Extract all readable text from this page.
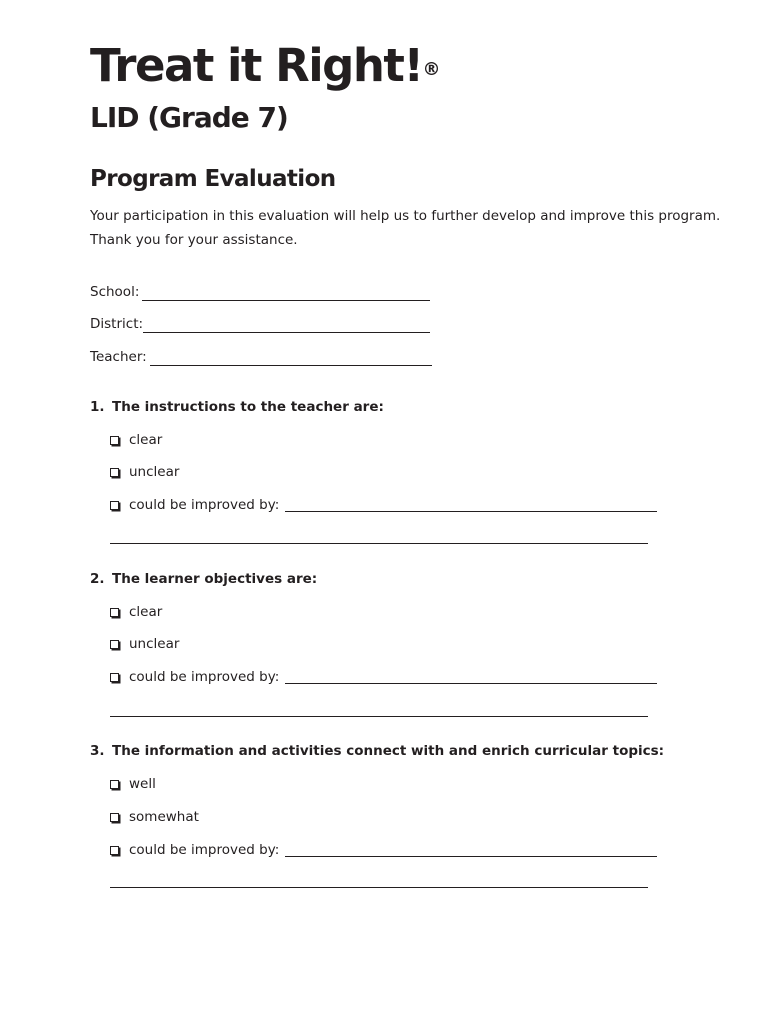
Treat it Right!®
LID (Grade 7)
Program Evaluation

Your participation in this evaluation will help us to further develop and improve this program.

Thank you for your assistance.

School:
District:
Teacher:
1. The instructions to the teacher are:
clear
unclear
could be improved by:
2. The learner objectives are:
clear
unclear
could be improved by:
3. The information and activities connect with and enrich curricular topics:
well
somewhat
could be improved by:
